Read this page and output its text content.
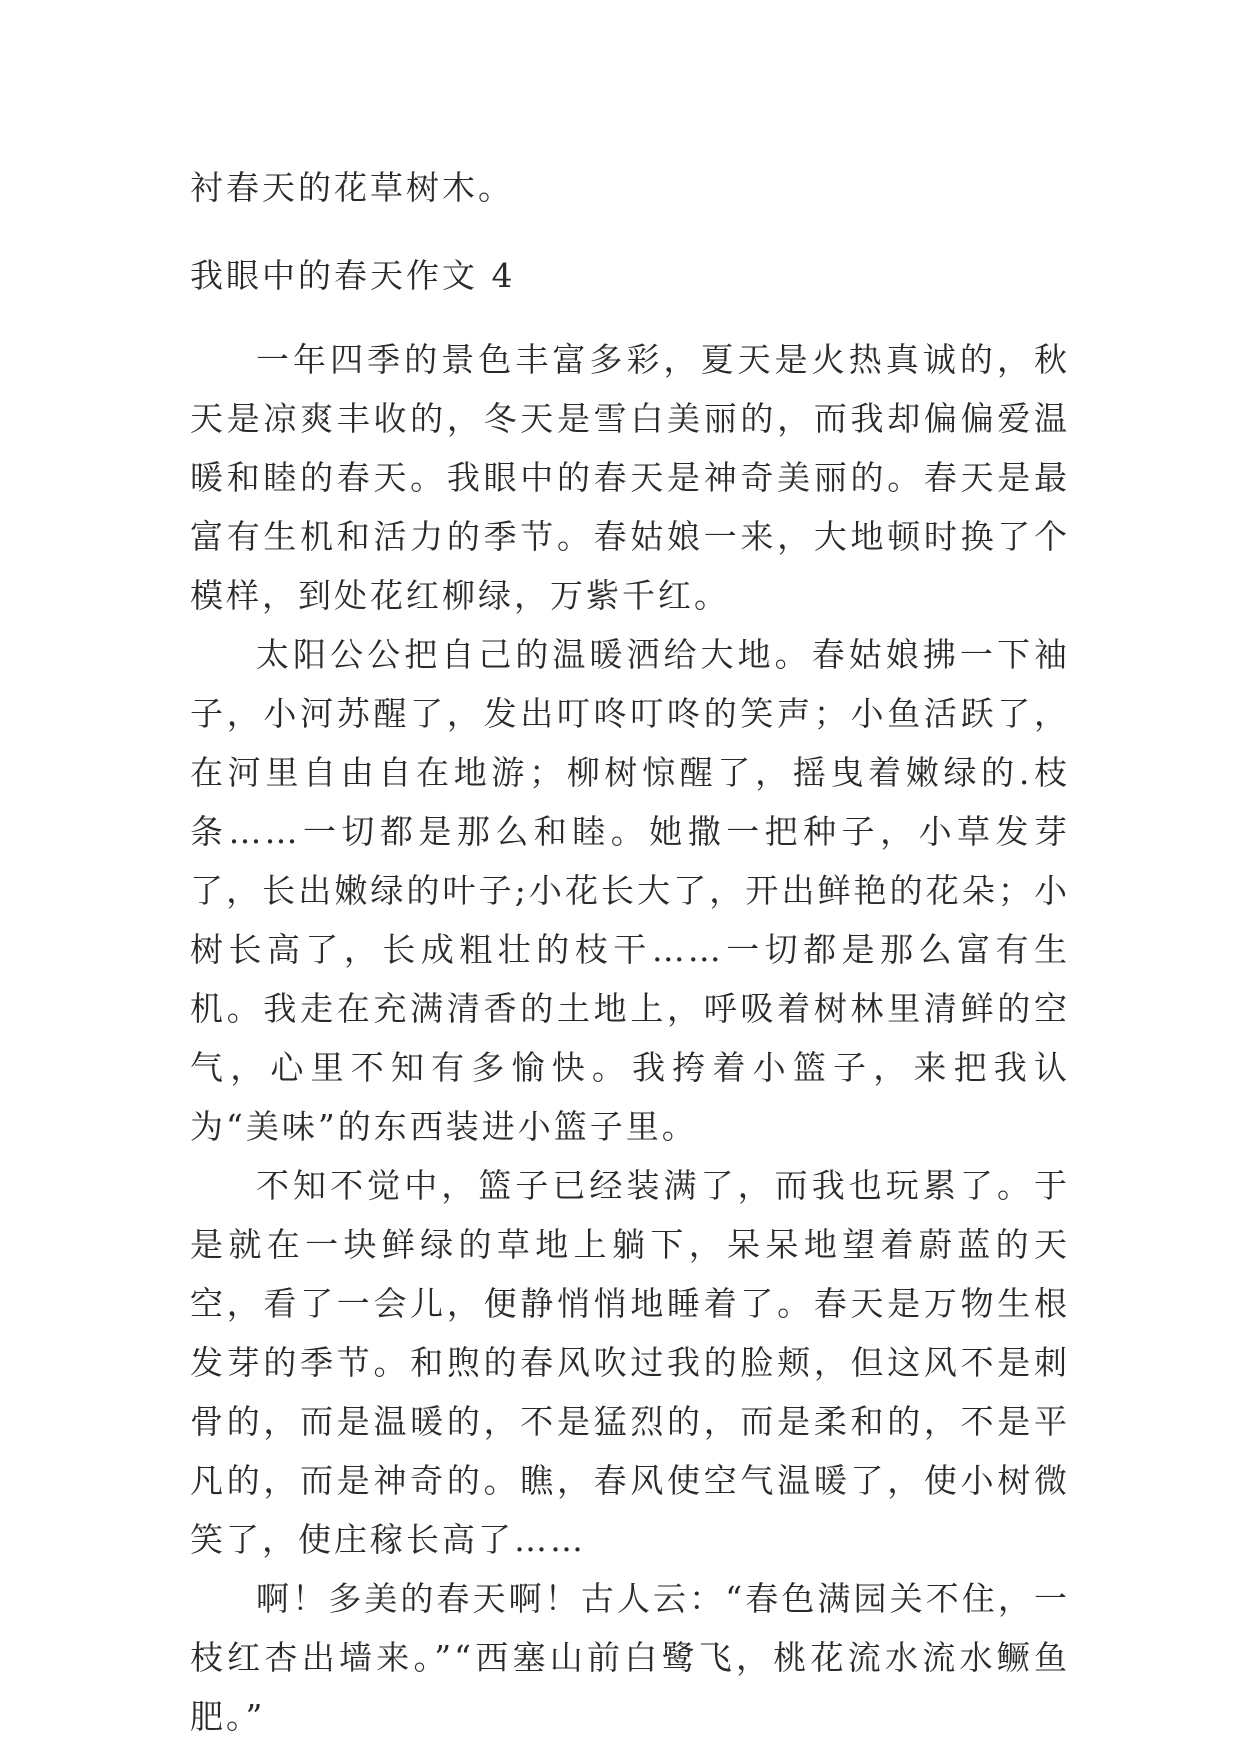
衬春天的花草树木。
我眼中的春天作文 4

一年四季的景色丰富多彩，夏天是火热真诚的，秋天是凉爽丰收的，冬天是雪白美丽的，而我却偏偏爱温暖和睦的春天。我眼中的春天是神奇美丽的。春天是最富有生机和活力的季节。春姑娘一来，大地顿时换了个模样，到处花红柳绿，万紫千红。

太阳公公把自己的温暖洒给大地。春姑娘拂一下袖子，小河苏醒了，发出叮咚叮咚的笑声；小鱼活跃了，在河里自由自在地游；柳树惊醒了，摇曳着嫩绿的.枝条……一切都是那么和睦。她撒一把种子，小草发芽了，长出嫩绿的叶子;小花长大了，开出鲜艳的花朵；小树长高了，长成粗壮的枝干……一切都是那么富有生机。我走在充满清香的土地上，呼吸着树林里清鲜的空气，心里不知有多愉快。我挎着小篮子，来把我认为“美味”的东西装进小篮子里。

不知不觉中，篮子已经装满了，而我也玩累了。于是就在一块鲜绿的草地上躺下，呆呆地望着蔚蓝的天空，看了一会儿，便静悄悄地睡着了。春天是万物生根发芽的季节。和煦的春风吹过我的脸颊，但这风不是刺骨的，而是温暖的，不是猛烈的，而是柔和的，不是平凡的，而是神奇的。瞧，春风使空气温暖了，使小树微笑了，使庄稼长高了……

啊！多美的春天啊！古人云：“春色满园关不住，一枝红杏出墙来。”“西塞山前白鹭飞，桃花流水流水鳜鱼肥。”
